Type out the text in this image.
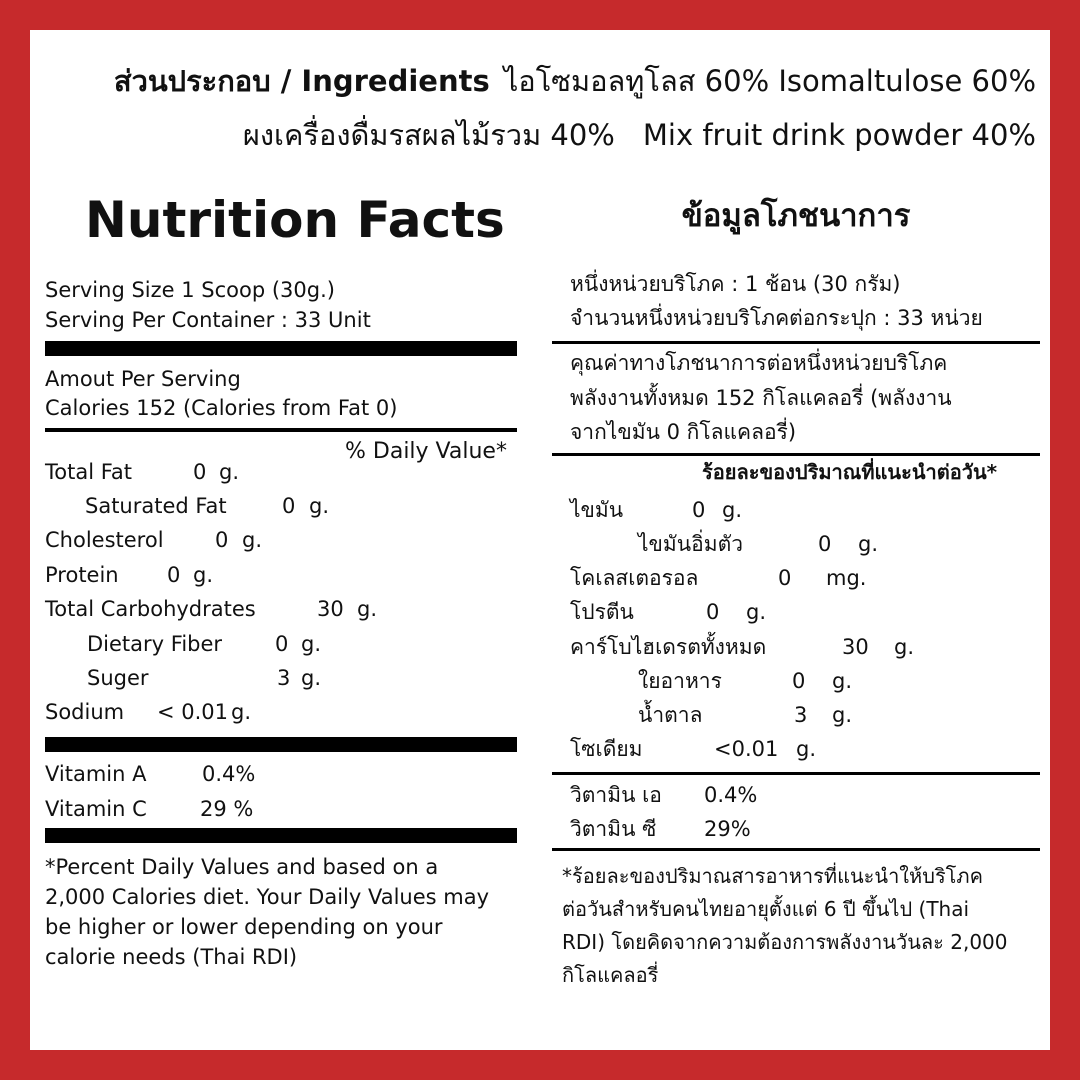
ส่วนประกอบ / Ingredients ไอโซมอลทูโลส 60% Isomaltulose 60%
ผงเครื่องดื่มรสผลไม้รวม 40% Mix fruit drink powder 40%
Nutrition Facts
Serving Size 1 Scoop (30g.)
Serving Per Container : 33 Unit
Amout Per Serving
Calories 152 (Calories from Fat 0)
% Daily Value*
Total Fat	0 g.
Saturated Fat	0 g.
Cholesterol 0 g.
Protein 0 g.
Total Carbohydrates	30 g.
Dietary Fiber	0 g.
Suger	3 g.
Sodium < 0.01 g.
Vitamin A	0.4%
Vitamin C	29 %
*Percent Daily Values and based on a
2,000 Calories diet. Your Daily Values may
be higher or lower depending on your
calorie needs (Thai RDI)
ข้อมูลโภชนาการ
หนึ่งหน่วยบริโภค : 1 ช้อน (30 กรัม)
จำนวนหนึ่งหน่วยบริโภคต่อกระปุก : 33 หน่วย
คุณค่าทางโภชนาการต่อหนึ่งหน่วยบริโภค
พลังงานทั้งหมด 152 กิโลแคลอรี่ (พลังงาน
จากไขมัน 0 กิโลแคลอรี่)
ร้อยละของปริมาณที่แนะนำต่อวัน*
ไขมัน	0 g.
ไขมันอิ่มตัว	0 g.
โคเลสเตอรอล	0 mg.
โปรตีน	0 g.
คาร์โบไฮเดรตทั้งหมด	30 g.
ใยอาหาร	0 g.
น้ำตาล	3 g.
โซเดียม	<0.01 g.
วิตามิน เอ 0.4%
วิตามิน ซี 29%
*ร้อยละของปริมาณสารอาหารที่แนะนำให้บริโภค
ต่อวันสำหรับคนไทยอายุตั้งแต่ 6 ปี ขึ้นไป (Thai
RDI) โดยคิดจากความต้องการพลังงานวันละ 2,000
กิโลแคลอรี่
